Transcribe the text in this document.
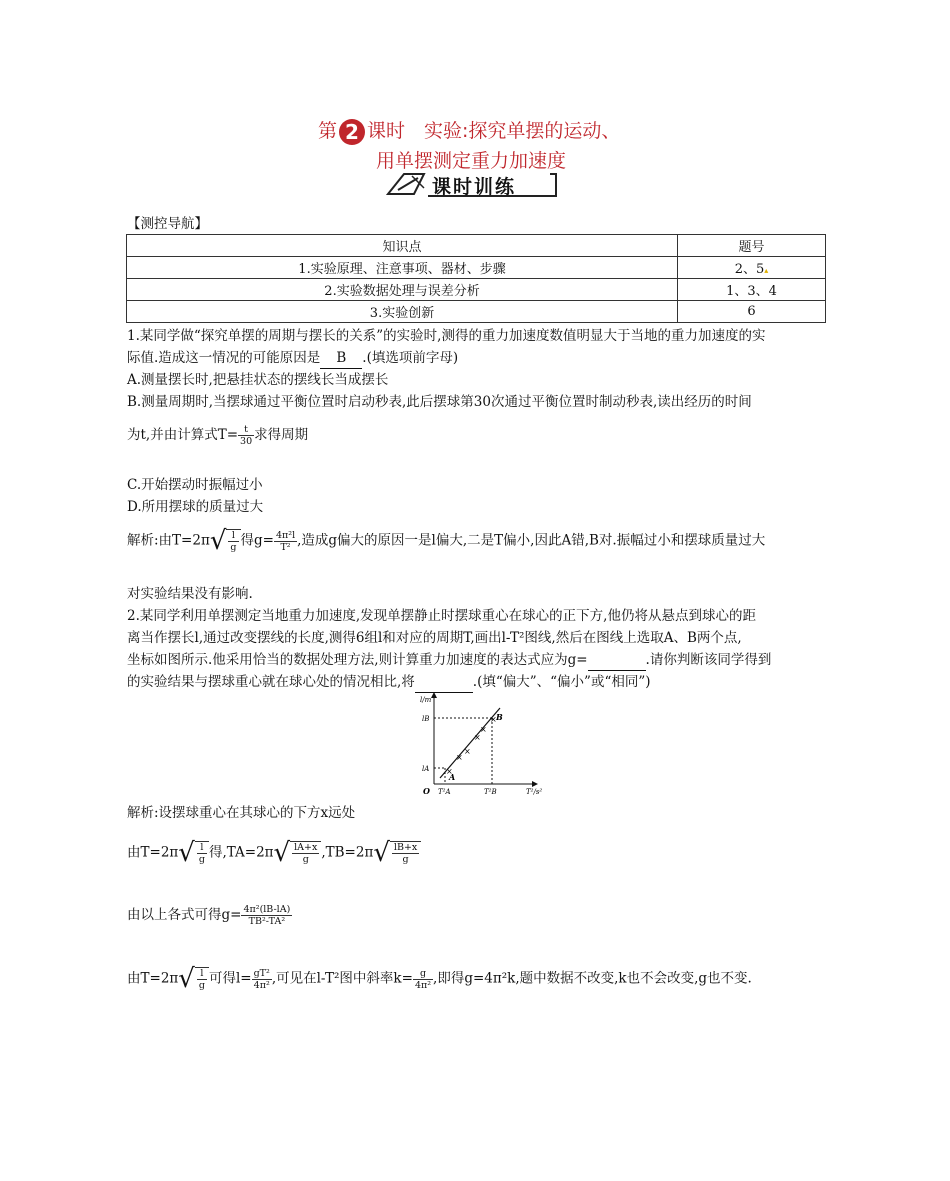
第 2 课时　实验:探究单摆的运动、
用单摆测定重力加速度
课时训练
【测控导航】
知识点	题号
1.实验原理、注意事项、器材、步骤	2、5▴
2.实验数据处理与误差分析	1、3、4
3.实验创新	6
1.某同学做“探究单摆的周期与摆长的关系”的实验时,测得的重力加速度数值明显大于当地的重力加速度的实
际值.造成这一情况的可能原因是 B .(填选项前字母)
A.测量摆长时,把悬挂状态的摆线长当成摆长
B.测量周期时,当摆球通过平衡位置时启动秒表,此后摆球第30次通过平衡位置时制动秒表,读出经历的时间
为t,并由计算式$T= \frac{t}{30}$ 求得周期
C.开始摆动时振幅过小
D.所用摆球的质量过大
解析:由$T=2\pi√ \frac{l}{g}$ 得$g= \frac{\text{4π²l}}{\text{T²}}$ ,造成g偏大的原因一是l偏大,二是T偏小,因此A错,B对.振幅过小和摆球质量过大
对实验结果没有影响.
2.某同学利用单摆测定当地重力加速度,发现单摆静止时摆球重心在球心的正下方,他仍将从悬点到球心的距
离当作摆长l,通过改变摆线的长度,测得6组l和对应的周期T,画出l-T²图线,然后在图线上选取A、B两个点,
坐标如图所示.他采用恰当的数据处理方法,则计算重力加速度的表达式应为g=	.请你判断该同学得到
的实验结果与摆球重心就在球心处的情况相比,将	.(填“偏大”、“偏小”或“相同”)
×
×
×
×
×
×
l/m
T²/s²
O
lB
lA
T²A	T²B
A
B
解析:设摆球重心在其球心的下方x远处
由$T=2\pi√ \frac{l}{g}$ 得$,TA=2\pi√ \frac{lA+x}{g} ,TB=2\pi√ \frac{lB+x}{g}$
由以上各式可得$g= \frac{\text{4π²(lB-lA)}}{\text{TB²-TA²}}$
由$T=2\pi√ \frac{l}{g}$ 可得$l= \frac{\text{gT²}}{\text{4π²}}$ ,可见在l-T²图中斜率$k= \frac{g}{\text{4π²}}$ ,即得g=4π²k,题中数据不改变,k也不会改变,g也不变.
